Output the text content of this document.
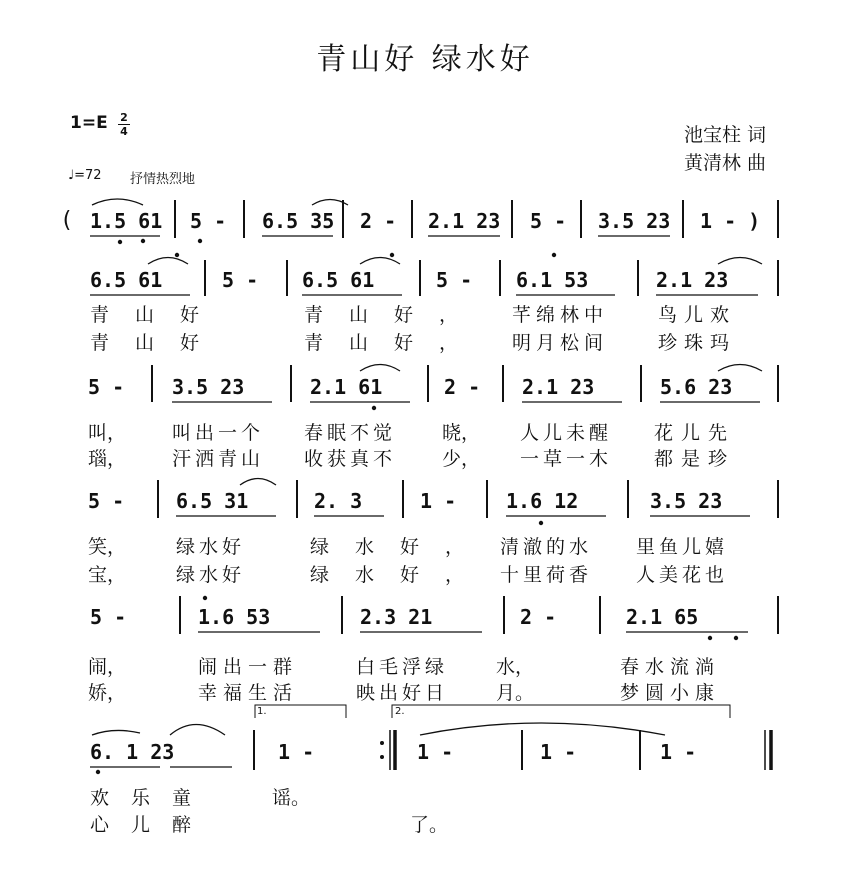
青山好 绿水好
池宝柱 词
黄清林 曲
1=E 2
4
♩=72 抒情热烈地
( 1.5 61 5 - 6.5 35 2 - 2.1 23 5 - 3.5 23 1 - )
6.5 61	5 - 6.5 61	5 - 6.1 53	2.1 23
青山好	青山好， 芊绵林中	鸟儿欢
青山好	青山好， 明月松间	珍珠玛
5 - 3.5 23	2.1 61	2 - 2.1 23	5.6 23
叫， 叫出一个 春眠不觉 晓， 人儿未醒 花儿先
瑙， 汗洒青山 收获真不 少， 一草一木 都是珍
5 -	6.5 31	2. 3	1 - 1.6 12	3.5 23
笑，	绿水好	绿水好， 清澈的水 里鱼儿嬉
宝，	绿水好	绿水好， 十里荷香 人美花也
5 -	1.6 53	2.3 21	2 -	2.1 65
闹，	闹出一群	白毛浮绿	水，	春水流淌
娇，	幸福生活	映出好日	月。	梦圆小康
1.	2.
6. 1 23	1 -	1 -	1 -	1 -
欢乐童	谣。
心儿醉	了。
